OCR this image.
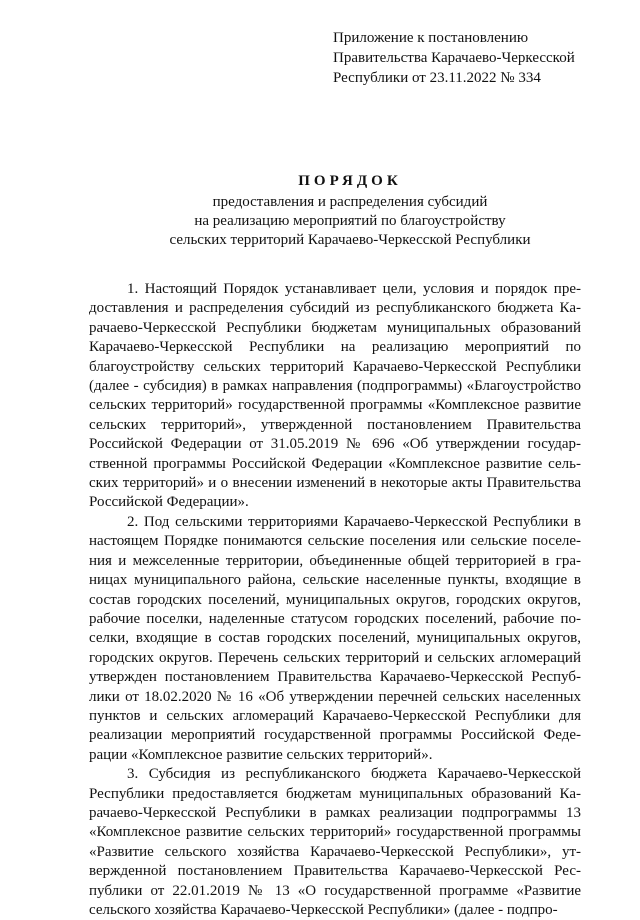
Приложение к постановлению
Правительства Карачаево-Черкесской
Республики от 23.11.2022 № 334
ПОРЯДОК
предоставления и распределения субсидий
на реализацию мероприятий по благоустройству
сельских территорий Карачаево-Черкесской Республики

1. Настоящий Порядок устанавливает цели, условия и порядок предоставления и распределения субсидий из республиканского бюджета Карачаево-Черкесской Республики бюджетам муниципальных образований Карачаево-Черкесской Республики на реализацию мероприятий по благоустройству сельских территорий Карачаево-Черкесской Республики (далее - субсидия) в рамках направления (подпрограммы) «Благоустройство сельских территорий» государственной программы «Комплексное развитие сельских территорий», утвержденной постановлением Правительства Российской Федерации от 31.05.2019 № 696 «Об утверждении государственной программы Российской Федерации «Комплексное развитие сельских территорий» и о внесении изменений в некоторые акты Правительства Российской Федерации».

2. Под сельскими территориями Карачаево-Черкесской Республики в настоящем Порядке понимаются сельские поселения или сельские поселения и межселенные территории, объединенные общей территорией в границах муниципального района, сельские населенные пункты, входящие в состав городских поселений, муниципальных округов, городских округов, рабочие поселки, наделенные статусом городских поселений, рабочие поселки, входящие в состав городских поселений, муниципальных округов, городских округов. Перечень сельских территорий и сельских агломераций утвержден постановлением Правительства Карачаево-Черкесской Республики от 18.02.2020 № 16 «Об утверждении перечней сельских населенных пунктов и сельских агломераций Карачаево-Черкесской Республики для реализации мероприятий государственной программы Российской Федерации «Комплексное развитие сельских территорий».

3. Субсидия из республиканского бюджета Карачаево-Черкесской Республики предоставляется бюджетам муниципальных образований Карачаево-Черкесской Республики в рамках реализации подпрограммы 13 «Комплексное развитие сельских территорий» государственной программы «Развитие сельского хозяйства Карачаево-Черкесской Республики», утвержденной постановлением Правительства Карачаево-Черкесской Республики от 22.01.2019 № 13 «О государственной программе «Развитие сельского хозяйства Карачаево-Черкесской Республики» (далее - подпро-
